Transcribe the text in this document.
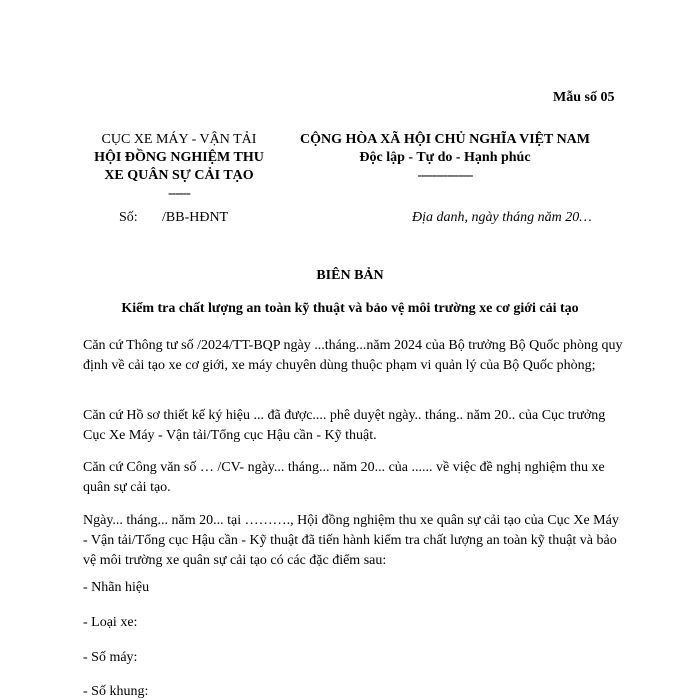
Mẫu số 05
CỤC XE MÁY - VẬN TẢI
HỘI ĐỒNG NGHIỆM THU
XE QUÂN SỰ CẢI TẠO
------
CỘNG HÒA XÃ HỘI CHỦ NGHĨA VIỆT NAM
Độc lập - Tự do - Hạnh phúc
---------------
Số: /BB-HĐNT	Địa danh, ngày tháng năm 20…
BIÊN BẢN
Kiểm tra chất lượng an toàn kỹ thuật và bảo vệ môi trường xe cơ giới cải tạo
Căn cứ Thông tư số /2024/TT-BQP ngày ...tháng...năm 2024 của Bộ trưởng Bộ Quốc phòng quy định về cải tạo xe cơ giới, xe máy chuyên dùng thuộc phạm vi quản lý của Bộ Quốc phòng;
Căn cứ Hồ sơ thiết kế ký hiệu ... đã được.... phê duyệt ngày.. tháng.. năm 20.. của Cục trưởng Cục Xe Máy - Vận tải/Tổng cục Hậu cần - Kỹ thuật.
Căn cứ Công văn số … /CV- ngày... tháng... năm 20... của ...... về việc đề nghị nghiệm thu xe quân sự cải tạo.
Ngày... tháng... năm 20... tại ………., Hội đồng nghiệm thu xe quân sự cải tạo của Cục Xe Máy - Vận tải/Tổng cục Hậu cần - Kỹ thuật đã tiến hành kiểm tra chất lượng an toàn kỹ thuật và bảo vệ môi trường xe quân sự cải tạo có các đặc điểm sau:
- Nhãn hiệu
- Loại xe:
- Số máy:
- Số khung:
